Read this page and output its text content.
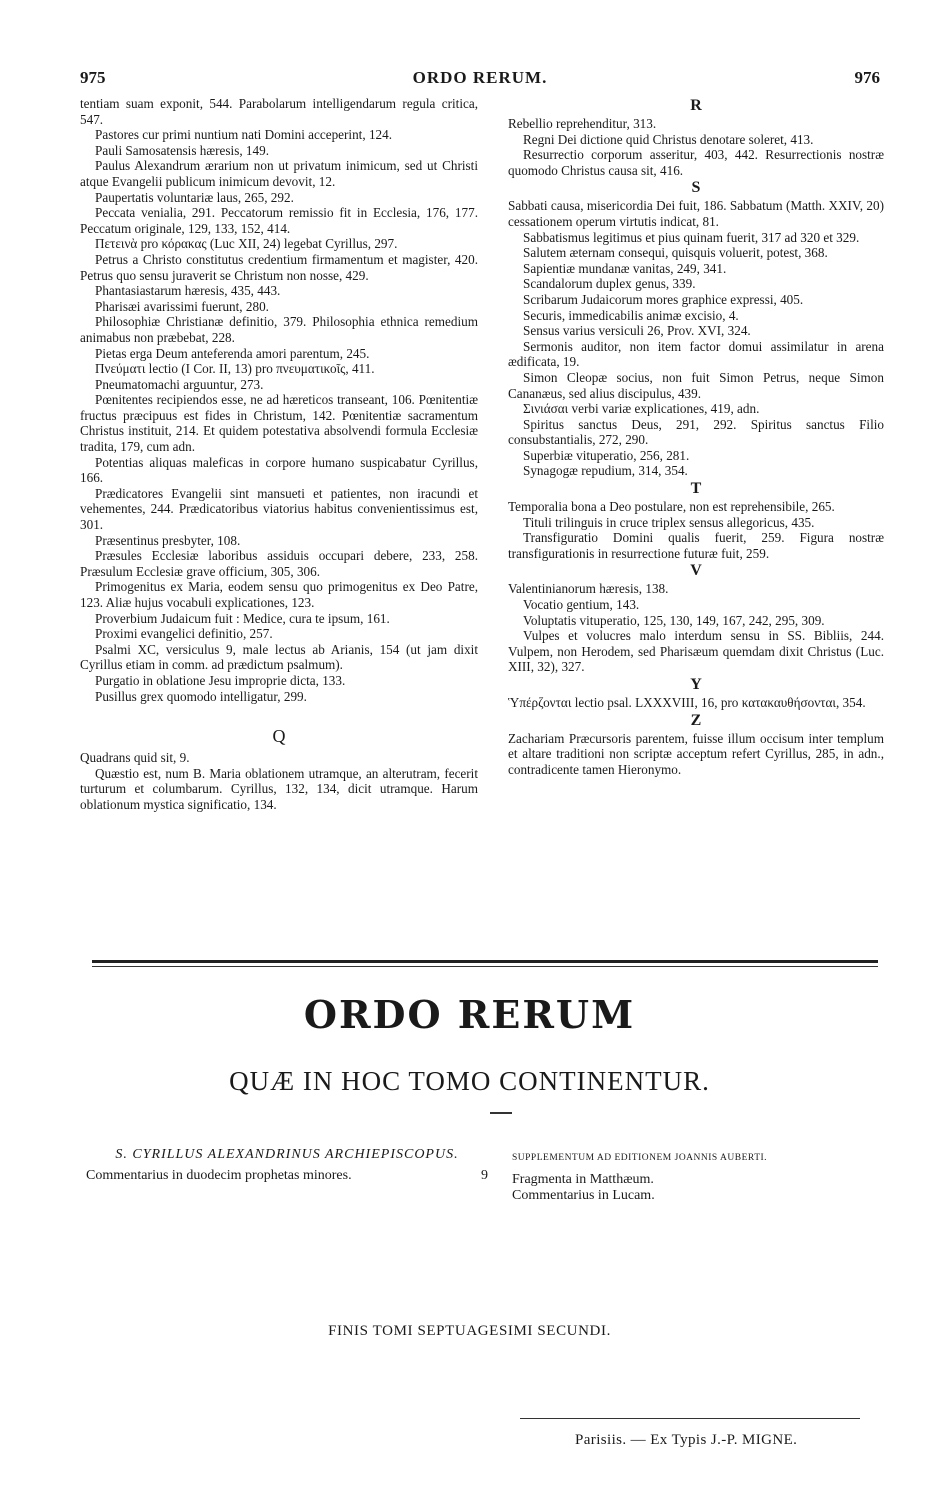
975	ORDO RERUM.	976

tentiam suam exponit, 544. Parabolarum intelligendarum regula critica, 547.

Pastores cur primi nuntium nati Domini acceperint, 124.

Pauli Samosatensis hæresis, 149.

Paulus Alexandrum ærarium non ut privatum inimicum, sed ut Christi atque Evangelii publicum inimicum devovit, 12.

Paupertatis voluntariæ laus, 265, 292.

Peccata venialia, 291. Peccatorum remissio fit in Ecclesia, 176, 177. Peccatum originale, 129, 133, 152, 414.

Πετεινὰ pro κόρακας (Luc XII, 24) legebat Cyrillus, 297.

Petrus a Christo constitutus credentium firmamentum et magister, 420. Petrus quo sensu juraverit se Christum non nosse, 429.

Phantasiastarum hæresis, 435, 443.

Pharisæi avarissimi fuerunt, 280.

Philosophiæ Christianæ definitio, 379. Philosophia ethnica remedium animabus non præbebat, 228.

Pietas erga Deum anteferenda amori parentum, 245.

Πνεύματι lectio (I Cor. II, 13) pro πνευματικοῖς, 411.

Pneumatomachi arguuntur, 273.

Pœnitentes recipiendos esse, ne ad hæreticos transeant, 106. Pœnitentiæ fructus præcipuus est fides in Christum, 142. Pœnitentiæ sacramentum Christus instituit, 214. Et quidem potestativa absolvendi formula Ecclesiæ tradita, 179, cum adn.

Potentias aliquas maleficas in corpore humano suspicabatur Cyrillus, 166.

Prædicatores Evangelii sint mansueti et patientes, non iracundi et vehementes, 244. Prædicatoribus viatorius habitus convenientissimus est, 301.

Præsentinus presbyter, 108.

Præsules Ecclesiæ laboribus assiduis occupari debere, 233, 258. Præsulum Ecclesiæ grave officium, 305, 306.

Primogenitus ex Maria, eodem sensu quo primogenitus ex Deo Patre, 123. Aliæ hujus vocabuli explicationes, 123.

Proverbium Judaicum fuit : Medice, cura te ipsum, 161.

Proximi evangelici definitio, 257.

Psalmi XC, versiculus 9, male lectus ab Arianis, 154 (ut jam dixit Cyrillus etiam in comm. ad prædictum psalmum).

Purgatio in oblatione Jesu improprie dicta, 133.

Pusillus grex quomodo intelligatur, 299.

Q

Quadrans quid sit, 9.

Quæstio est, num B. Maria oblationem utramque, an alterutram, fecerit turturum et columbarum. Cyrillus, 132, 134, dicit utramque. Harum oblationum mystica significatio, 134.

R

Rebellio reprehenditur, 313.

Regni Dei dictione quid Christus denotare soleret, 413.

Resurrectio corporum asseritur, 403, 442. Resurrectionis nostræ quomodo Christus causa sit, 416.

S

Sabbati causa, misericordia Dei fuit, 186. Sabbatum (Matth. XXIV, 20) cessationem operum virtutis indicat, 81.

Sabbatismus legitimus et pius quinam fuerit, 317 ad 320 et 329.

Salutem æternam consequi, quisquis voluerit, potest, 368.

Sapientiæ mundanæ vanitas, 249, 341.

Scandalorum duplex genus, 339.

Scribarum Judaicorum mores graphice expressi, 405.

Securis, immedicabilis animæ excisio, 4.

Sensus varius versiculi 26, Prov. XVI, 324.

Sermonis auditor, non item factor domui assimilatur in arena ædificata, 19.

Simon Cleopæ socius, non fuit Simon Petrus, neque Simon Cananæus, sed alius discipulus, 439.

Σινιάσαι verbi variæ explicationes, 419, adn.

Spiritus sanctus Deus, 291, 292. Spiritus sanctus Filio consubstantialis, 272, 290.

Superbiæ vituperatio, 256, 281.

Synagogæ repudium, 314, 354.

T

Temporalia bona a Deo postulare, non est reprehensibile, 265.

Tituli trilinguis in cruce triplex sensus allegoricus, 435.

Transfiguratio Domini qualis fuerit, 259. Figura nostræ transfigurationis in resurrectione futuræ fuit, 259.

V

Valentinianorum hæresis, 138.

Vocatio gentium, 143.

Voluptatis vituperatio, 125, 130, 149, 167, 242, 295, 309.

Vulpes et volucres malo interdum sensu in SS. Bibliis, 244. Vulpem, non Herodem, sed Pharisæum quemdam dixit Christus (Luc. XIII, 32), 327.

Y

Ὑπέρζονται lectio psal. LXXXVIII, 16, pro κατακαυθήσονται, 354.

Z

Zachariam Præcursoris parentem, fuisse illum occisum inter templum et altare traditioni non scriptæ acceptum refert Cyrillus, 285, in adn., contradicente tamen Hieronymo.

ORDO RERUM
QUÆ IN HOC TOMO CONTINENTUR.
S. CYRILLUS ALEXANDRINUS ARCHIEPISCOPUS.
Commentarius in duodecim prophetas minores.	9
SUPPLEMENTUM AD EDITIONEM JOANNIS AUBERTI.
Fragmenta in Matthæum.
Commentarius in Lucam.
FINIS TOMI SEPTUAGESIMI SECUNDI.
Parisiis. — Ex Typis J.-P. MIGNE.
